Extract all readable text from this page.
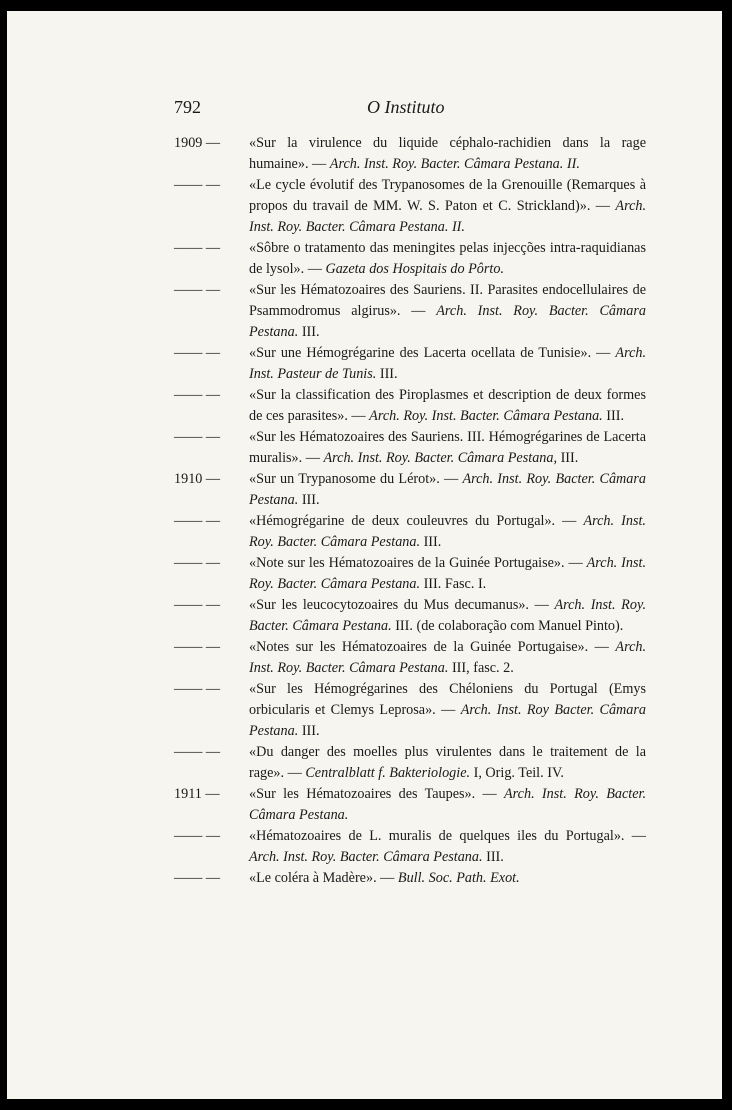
792	O Instituto
1909 —	«Sur la virulence du liquide céphalo-rachidien dans la rage humaine». — Arch. Inst. Roy. Bacter. Câmara Pestana. II.
—— —	«Le cycle évolutif des Trypanosomes de la Grenouille (Remarques à propos du travail de MM. W. S. Paton et C. Strickland)». — Arch. Inst. Roy. Bacter. Câmara Pestana. II.
—— —	«Sôbre o tratamento das meningites pelas injecções intra-raquidianas de lysol». — Gazeta dos Hospitais do Pôrto.
—— —	«Sur les Hématozoaires des Sauriens. II. Parasites endocellulaires de Psammodromus algirus». — Arch. Inst. Roy. Bacter. Câmara Pestana. III.
—— —	«Sur une Hémogrégarine des Lacerta ocellata de Tunisie». — Arch. Inst. Pasteur de Tunis. III.
—— —	«Sur la classification des Piroplasmes et description de deux formes de ces parasites». — Arch. Roy. Inst. Bacter. Câmara Pestana. III.
—— —	«Sur les Hématozoaires des Sauriens. III. Hémogrégarines de Lacerta muralis». — Arch. Inst. Roy. Bacter. Câmara Pestana, III.
1910 —	«Sur un Trypanosome du Lérot». — Arch. Inst. Roy. Bacter. Câmara Pestana. III.
—— —	«Hémogrégarine de deux couleuvres du Portugal». — Arch. Inst. Roy. Bacter. Câmara Pestana. III.
—— —	«Note sur les Hématozoaires de la Guinée Portugaise». — Arch. Inst. Roy. Bacter. Câmara Pestana. III. Fasc. I.
—— —	«Sur les leucocytozoaires du Mus decumanus». — Arch. Inst. Roy. Bacter. Câmara Pestana. III. (de colaboração com Manuel Pinto).
—— —	«Notes sur les Hématozoaires de la Guinée Portugaise». — Arch. Inst. Roy. Bacter. Câmara Pestana. III, fasc. 2.
—— —	«Sur les Hémogrégarines des Chéloniens du Portugal (Emys orbicularis et Clemys Leprosa». — Arch. Inst. Roy Bacter. Câmara Pestana. III.
—— —	«Du danger des moelles plus virulentes dans le traitement de la rage». — Centralblatt f. Bakteriologie. I, Orig. Teil. IV.
1911 —	«Sur les Hématozoaires des Taupes». — Arch. Inst. Roy. Bacter. Câmara Pestana.
—— —	«Hématozoaires de L. muralis de quelques iles du Portugal». — Arch. Inst. Roy. Bacter. Câmara Pestana. III.
—— —	«Le coléra à Madère». — Bull. Soc. Path. Exot.
